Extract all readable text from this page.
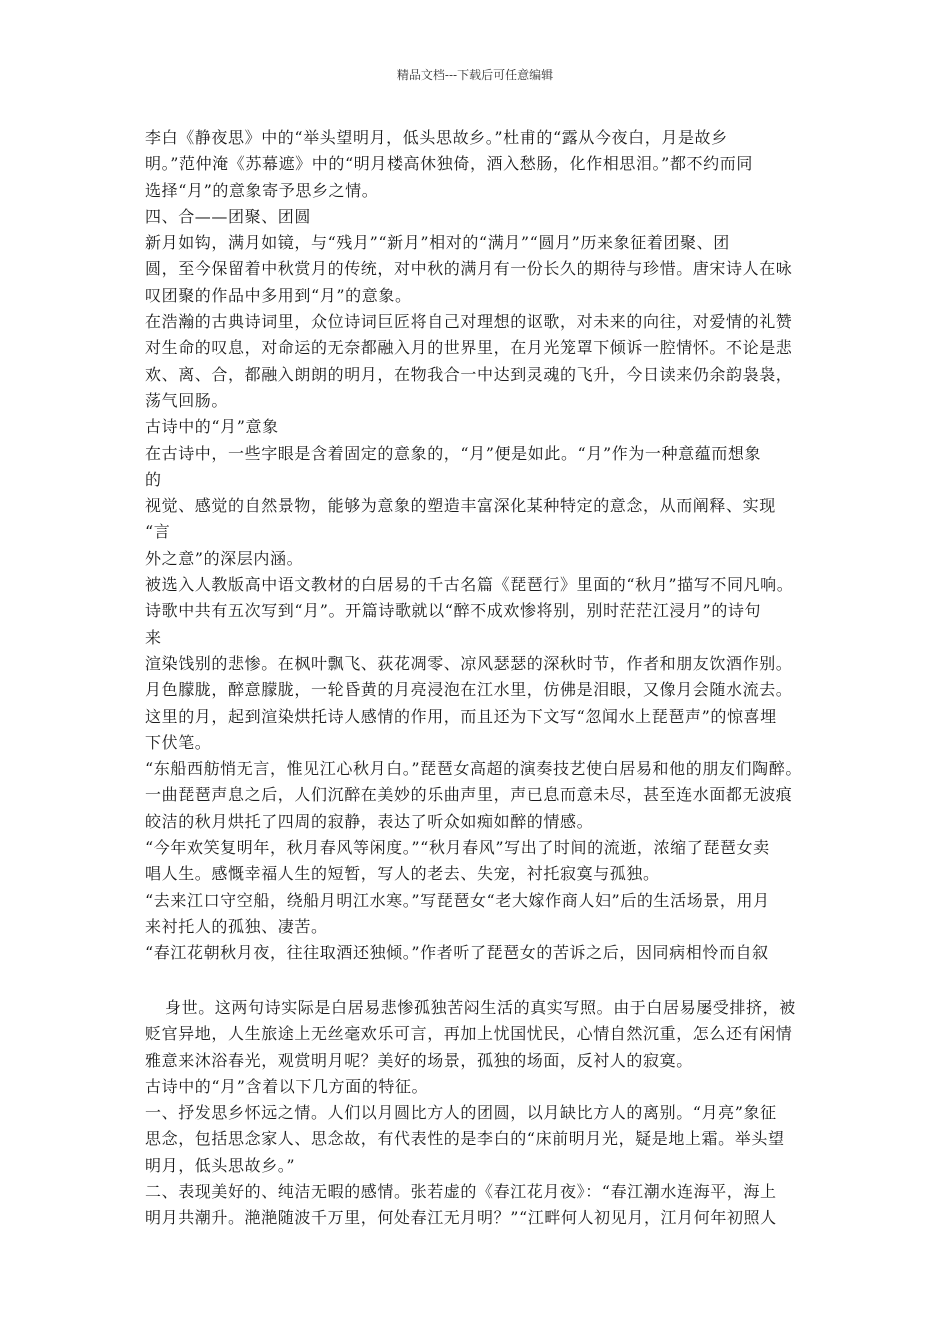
精品文档---下载后可任意编辑
李白《静夜思》中的“举头望明月，低头思故乡。”杜甫的“露从今夜白，月是故乡
明。”范仲淹《苏幕遮》中的“明月楼高休独倚，酒入愁肠，化作相思泪。”都不约而同
选择“月”的意象寄予思乡之情。
四、合——团聚、团圆
新月如钩，满月如镜，与“残月”“新月”相对的“满月”“圆月”历来象征着团聚、团
圆，至今保留着中秋赏月的传统，对中秋的满月有一份长久的期待与珍惜。唐宋诗人在咏
叹团聚的作品中多用到“月”的意象。
在浩瀚的古典诗词里，众位诗词巨匠将自己对理想的讴歌，对未来的向往，对爱情的礼赞
对生命的叹息，对命运的无奈都融入月的世界里，在月光笼罩下倾诉一腔情怀。不论是悲
欢、离、合，都融入朗朗的明月，在物我合一中达到灵魂的飞升，今日读来仍余韵袅袅，
荡气回肠。
古诗中的“月”意象
在古诗中，一些字眼是含着固定的意象的，“月”便是如此。“月”作为一种意蕴而想象
的
视觉、感觉的自然景物，能够为意象的塑造丰富深化某种特定的意念，从而阐释、实现
“言
外之意”的深层内涵。
被选入人教版高中语文教材的白居易的千古名篇《琵琶行》里面的“秋月”描写不同凡响。
诗歌中共有五次写到“月”。开篇诗歌就以“醉不成欢惨将别，别时茫茫江浸月”的诗句
来
渲染饯别的悲惨。在枫叶飘飞、荻花凋零、凉风瑟瑟的深秋时节，作者和朋友饮酒作别。
月色朦胧，醉意朦胧，一轮昏黄的月亮浸泡在江水里，仿佛是泪眼，又像月会随水流去。
这里的月，起到渲染烘托诗人感情的作用，而且还为下文写“忽闻水上琵琶声”的惊喜埋
下伏笔。
“东船西舫悄无言，惟见江心秋月白。”琵琶女高超的演奏技艺使白居易和他的朋友们陶醉。
一曲琵琶声息之后，人们沉醉在美妙的乐曲声里，声已息而意未尽，甚至连水面都无波痕
皎洁的秋月烘托了四周的寂静，表达了听众如痴如醉的情感。
“今年欢笑复明年，秋月春风等闲度。”“秋月春风”写出了时间的流逝，浓缩了琵琶女卖
唱人生。感慨幸福人生的短暂，写人的老去、失宠，衬托寂寞与孤独。
“去来江口守空船，绕船月明江水寒。”写琵琶女“老大嫁作商人妇”后的生活场景，用月
来衬托人的孤独、凄苦。
“春江花朝秋月夜，往往取酒还独倾。”作者听了琵琶女的苦诉之后，因同病相怜而自叙
身世。这两句诗实际是白居易悲惨孤独苦闷生活的真实写照。由于白居易屡受排挤，被
贬官异地，人生旅途上无丝毫欢乐可言，再加上忧国忧民，心情自然沉重，怎么还有闲情
雅意来沐浴春光，观赏明月呢？美好的场景，孤独的场面，反衬人的寂寞。
古诗中的“月”含着以下几方面的特征。
一、抒发思乡怀远之情。人们以月圆比方人的团圆，以月缺比方人的离别。“月亮”象征
思念，包括思念家人、思念故，有代表性的是李白的“床前明月光，疑是地上霜。举头望
明月，低头思故乡。”
二、表现美好的、纯洁无暇的感情。张若虚的《春江花月夜》：“春江潮水连海平，海上
明月共潮升。滟滟随波千万里，何处春江无月明？”“江畔何人初见月，江月何年初照人
